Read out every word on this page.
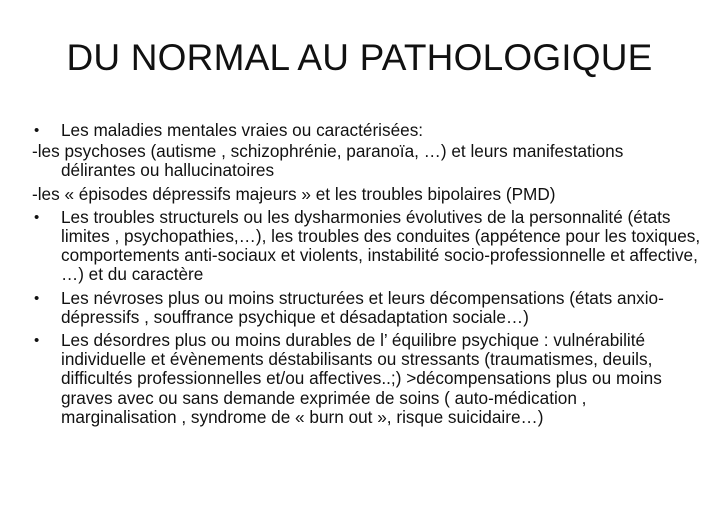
DU NORMAL AU PATHOLOGIQUE
• Les maladies mentales vraies ou caractérisées:
-les psychoses (autisme , schizophrénie, paranoïa, …) et leurs manifestations
délirantes ou hallucinatoires
-les « épisodes dépressifs majeurs » et les troubles bipolaires (PMD)
• Les troubles structurels ou les dysharmonies évolutives de la personnalité (états limites , psychopathies,…), les troubles des conduites (appétence pour les toxiques, comportements anti-sociaux et violents, instabilité socio-professionnelle et affective, …) et du caractère
• Les névroses plus ou moins structurées et leurs décompensations (états anxio-dépressifs , souffrance psychique et désadaptation sociale…)
• Les désordres plus ou moins durables de l’ équilibre psychique : vulnérabilité individuelle et évènements déstabilisants ou stressants (traumatismes, deuils, difficultés professionnelles et/ou affectives..;) >décompensations plus ou moins graves avec ou sans demande exprimée de soins ( auto-médication , marginalisation , syndrome de « burn out », risque suicidaire…)
